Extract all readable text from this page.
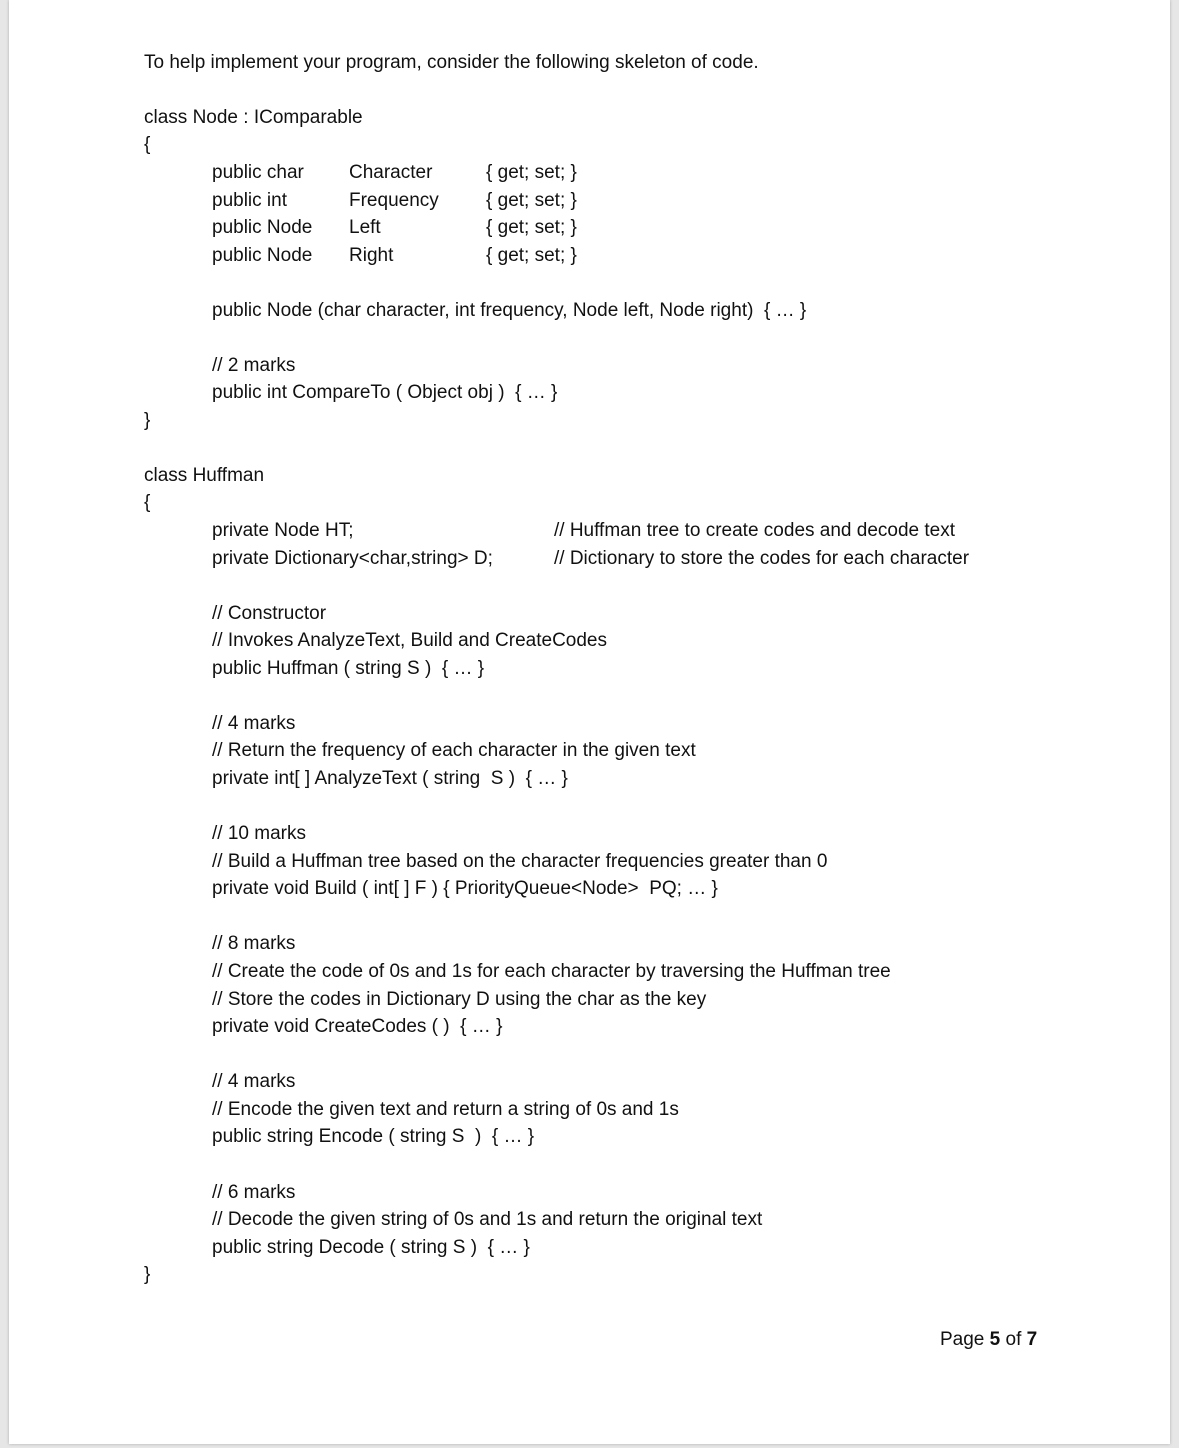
To help implement your program, consider the following skeleton of code.
class Node : IComparable
{
public char Character	{ get; set; }
public int	Frequency { get; set; }
public Node Left	{ get; set; }
public Node Right	{ get; set; }
public Node (char character, int frequency, Node left, Node right)  { … }
// 2 marks
public int CompareTo ( Object obj )  { … }
}
class Huffman
{
private Node HT;	// Huffman tree to create codes and decode text
private Dictionary<char,string> D;	// Dictionary to store the codes for each character
// Constructor
// Invokes AnalyzeText, Build and CreateCodes
public Huffman ( string S )  { … }
// 4 marks
// Return the frequency of each character in the given text
private int[ ] AnalyzeText ( string  S )  { … }
// 10 marks
// Build a Huffman tree based on the character frequencies greater than 0
private void Build ( int[ ] F ) { PriorityQueue<Node>  PQ; … }
// 8 marks
// Create the code of 0s and 1s for each character by traversing the Huffman tree
// Store the codes in Dictionary D using the char as the key
private void CreateCodes ( )  { … }
// 4 marks
// Encode the given text and return a string of 0s and 1s
public string Encode ( string S  )  { … }
// 6 marks
// Decode the given string of 0s and 1s and return the original text
public string Decode ( string S )  { … }
}
Page 5 of 7
